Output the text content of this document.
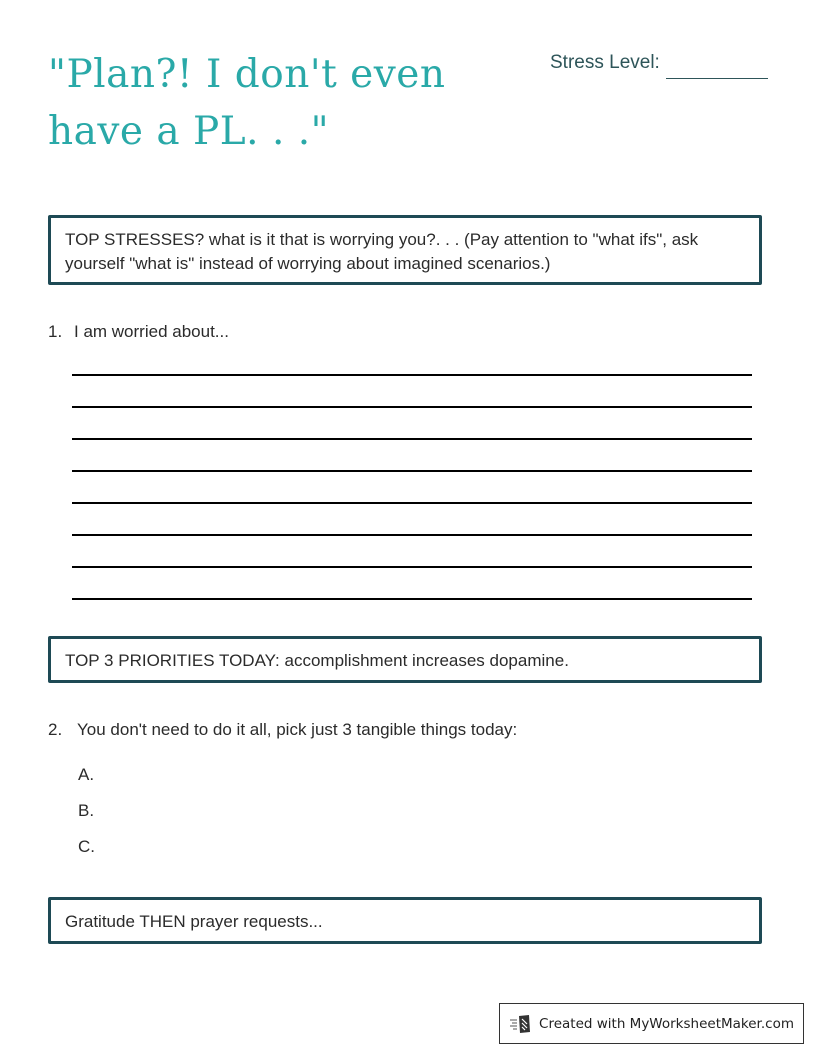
"Plan?! I don't even have a PL. . ."
Stress Level:
TOP STRESSES? what is it that is worrying you?. . . (Pay attention to "what ifs", ask yourself "what is" instead of worrying about imagined scenarios.)
1. I am worried about...
TOP 3 PRIORITIES TODAY: accomplishment increases dopamine.
2. You don't need to do it all, pick just 3 tangible things today:
A.
B.
C.
Gratitude THEN prayer requests...
Created with MyWorksheetMaker.com
